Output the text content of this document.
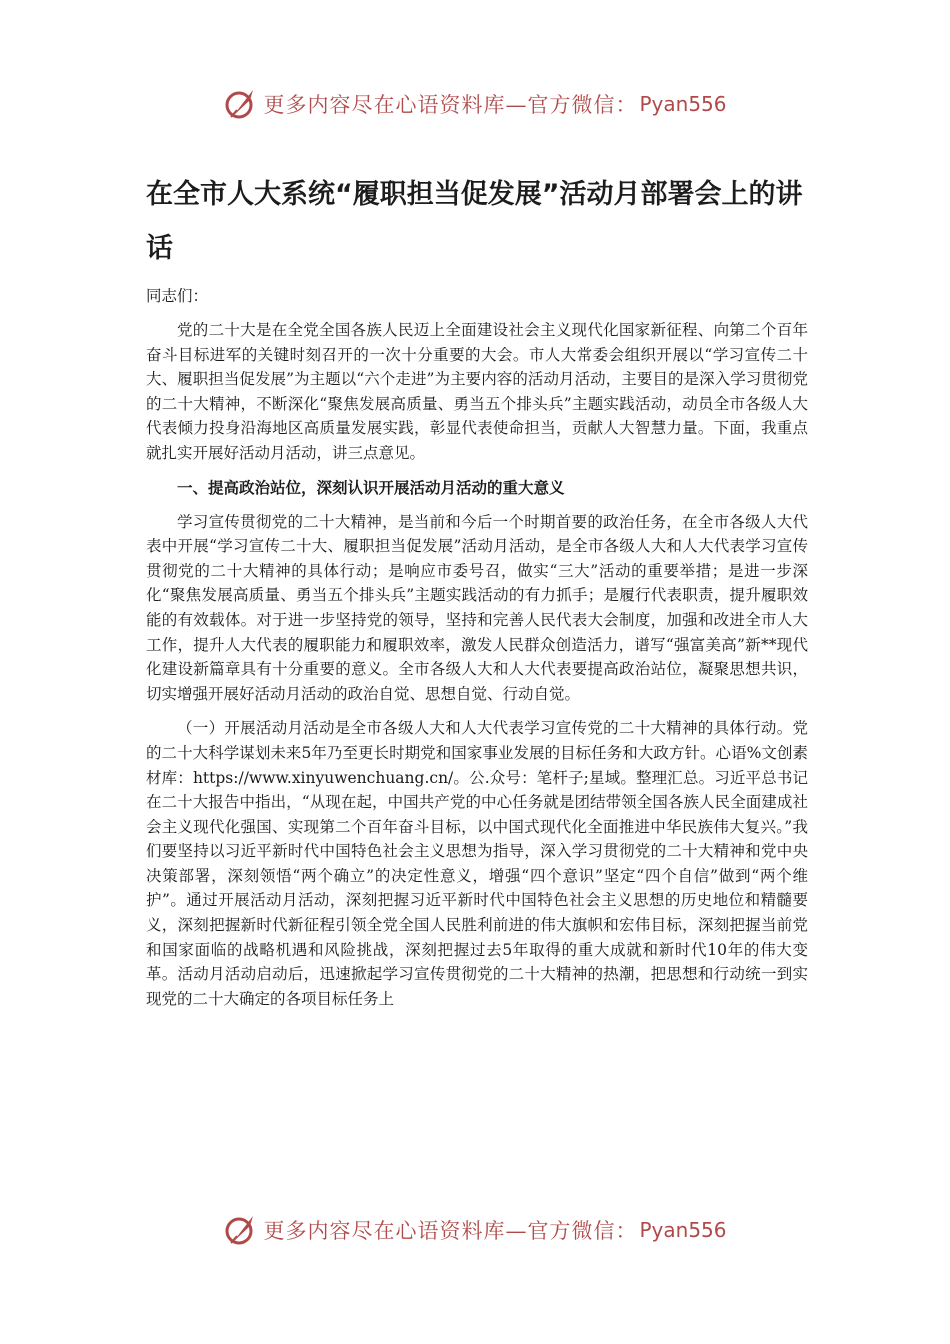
更多内容尽在心语资料库—官方微信： Pyan556
在全市人大系统“履职担当促发展”活动月部署会上的讲话

同志们：

党的二十大是在全党全国各族人民迈上全面建设社会主义现代化国家新征程、向第二个百年奋斗目标进军的关键时刻召开的一次十分重要的大会。市人大常委会组织开展以“学习宣传二十大、履职担当促发展”为主题以“六个走进”为主要内容的活动月活动，主要目的是深入学习贯彻党的二十大精神，不断深化“聚焦发展高质量、勇当五个排头兵”主题实践活动，动员全市各级人大代表倾力投身沿海地区高质量发展实践，彰显代表使命担当，贡献人大智慧力量。下面，我重点就扎实开展好活动月活动，讲三点意见。

一、提高政治站位，深刻认识开展活动月活动的重大意义

学习宣传贯彻党的二十大精神，是当前和今后一个时期首要的政治任务，在全市各级人大代表中开展“学习宣传二十大、履职担当促发展”活动月活动，是全市各级人大和人大代表学习宣传贯彻党的二十大精神的具体行动；是响应市委号召，做实“三大”活动的重要举措；是进一步深化“聚焦发展高质量、勇当五个排头兵”主题实践活动的有力抓手；是履行代表职责，提升履职效能的有效载体。对于进一步坚持党的领导，坚持和完善人民代表大会制度，加强和改进全市人大工作，提升人大代表的履职能力和履职效率，激发人民群众创造活力，谱写“强富美高”新**现代化建设新篇章具有十分重要的意义。全市各级人大和人大代表要提高政治站位，凝聚思想共识，切实增强开展好活动月活动的政治自觉、思想自觉、行动自觉。

（一）开展活动月活动是全市各级人大和人大代表学习宣传党的二十大精神的具体行动。党的二十大科学谋划未来5年乃至更长时期党和国家事业发展的目标任务和大政方针。心语%文创素材库：https://www.xinyuwenchuang.cn/。公.众号：笔杆子;星域。整理汇总。习近平总书记在二十大报告中指出，“从现在起，中国共产党的中心任务就是团结带领全国各族人民全面建成社会主义现代化强国、实现第二个百年奋斗目标，以中国式现代化全面推进中华民族伟大复兴。”我们要坚持以习近平新时代中国特色社会主义思想为指导，深入学习贯彻党的二十大精神和党中央决策部署，深刻领悟“两个确立”的决定性意义，增强“四个意识”坚定“四个自信”做到“两个维护”。通过开展活动月活动，深刻把握习近平新时代中国特色社会主义思想的历史地位和精髓要义，深刻把握新时代新征程引领全党全国人民胜利前进的伟大旗帜和宏伟目标，深刻把握当前党和国家面临的战略机遇和风险挑战，深刻把握过去5年取得的重大成就和新时代10年的伟大变革。活动月活动启动后，迅速掀起学习宣传贯彻党的二十大精神的热潮，把思想和行动统一到实现党的二十大确定的各项目标任务上

更多内容尽在心语资料库—官方微信： Pyan556
